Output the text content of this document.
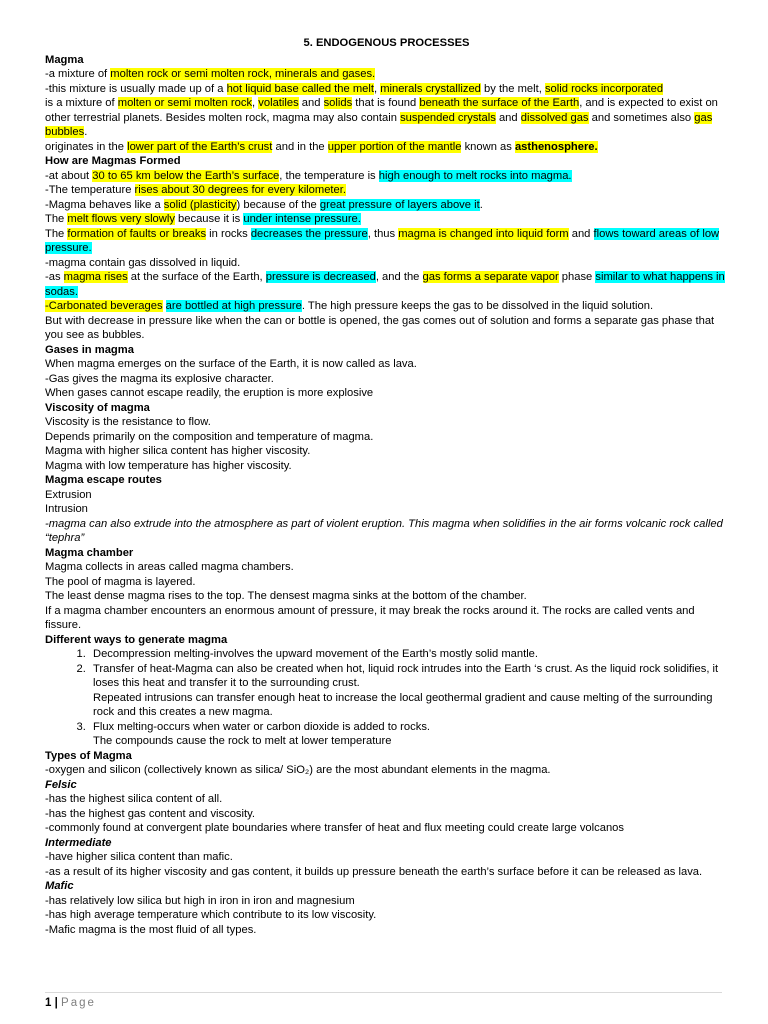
5. ENDOGENOUS PROCESSES
Magma
-a mixture of molten rock or semi molten rock, minerals and gases.
-this mixture is usually made up of a hot liquid base called the melt, minerals crystallized by the melt, solid rocks incorporated
is a mixture of molten or semi molten rock, volatiles and solids that is found beneath the surface of the Earth, and is expected to exist on other terrestrial planets. Besides molten rock, magma may also contain suspended crystals and dissolved gas and sometimes also gas bubbles.
originates in the lower part of the Earth’s crust and in the upper portion of the mantle known as asthenosphere.
How are Magmas Formed
-at about 30 to 65 km below the Earth’s surface, the temperature is high enough to melt rocks into magma.
-The temperature rises about 30 degrees for every kilometer.
-Magma behaves like a solid (plasticity) because of the great pressure of layers above it.
The melt flows very slowly because it is under intense pressure.
The formation of faults or breaks in rocks decreases the pressure, thus magma is changed into liquid form and flows toward areas of low pressure.
-magma contain gas dissolved in liquid.
-as magma rises at the surface of the Earth, pressure is decreased, and the gas forms a separate vapor phase similar to what happens in sodas.
-Carbonated beverages are bottled at high pressure. The high pressure keeps the gas to be dissolved in the liquid solution.
But with decrease in pressure like when the can or bottle is opened, the gas comes out of solution and forms a separate gas phase that you see as bubbles.
Gases in magma
When magma emerges on the surface of the Earth, it is now called as lava.
-Gas gives the magma its explosive character.
When gases cannot escape readily, the eruption is more explosive
Viscosity of magma
Viscosity is the resistance to flow.
Depends primarily on the composition and temperature of magma.
Magma with higher silica content has higher viscosity.
Magma with low temperature has higher viscosity.
Magma escape routes
Extrusion
Intrusion
-magma can also extrude into the atmosphere as part of violent eruption. This magma when solidifies in the air forms volcanic rock called “tephra”
Magma chamber
Magma collects in areas called magma chambers.
The pool of magma is layered.
The least dense magma rises to the top. The densest magma sinks at the bottom of the chamber.
If a magma chamber encounters an enormous amount of pressure, it may break the rocks around it. The rocks are called vents and fissure.
Different ways to generate magma
1. Decompression melting-involves the upward movement of the Earth’s mostly solid mantle.
2. Transfer of heat-Magma can also be created when hot, liquid rock intrudes into the Earth ‘s crust. As the liquid rock solidifies, it loses this heat and transfer it to the surrounding crust.
Repeated intrusions can transfer enough heat to increase the local geothermal gradient and cause melting of the surrounding rock and this creates a new magma.
3. Flux melting-occurs when water or carbon dioxide is added to rocks.
The compounds cause the rock to melt at lower temperature
Types of Magma
-oxygen and silicon (collectively known as silica/ SiO₂) are the most abundant elements in the magma.
Felsic
-has the highest silica content of all.
-has the highest gas content and viscosity.
-commonly found at convergent plate boundaries where transfer of heat and flux meeting could create large volcanos
Intermediate
-have higher silica content than mafic.
-as a result of its higher viscosity and gas content, it builds up pressure beneath the earth’s surface before it can be released as lava.
Mafic
-has relatively low silica but high in iron in iron and magnesium
-has high average temperature which contribute to its low viscosity.
-Mafic magma is the most fluid of all types.
1 | Page
